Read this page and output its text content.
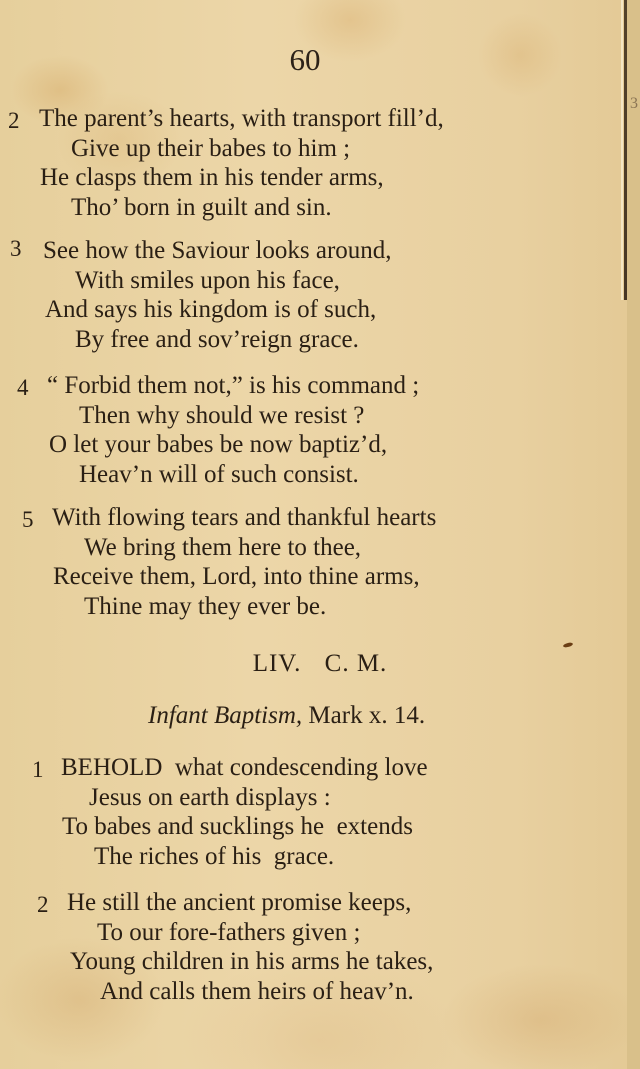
3
60
2 The parent’s hearts, with transport fill’d,
Give up their babes to him ;
He clasps them in his tender arms,
Tho’ born in guilt and sin.
3 See how the Saviour looks around,
With smiles upon his face,
And says his kingdom is of such,
By free and sov’reign grace.
4 “ Forbid them not,” is his command ;
Then why should we resist ?
O let your babes be now baptiz’d,
Heav’n will of such consist.
5 With flowing tears and thankful hearts
We bring them here to thee,
Receive them, Lord, into thine arms,
Thine may they ever be.
LIV. C. M.
Infant Baptism, Mark x. 14.
1 BEHOLD  what condescending love
Jesus on earth displays :
To babes and sucklings he  extends
The riches of his  grace.
2 He still the ancient promise keeps,
To our fore-fathers given ;
Young children in his arms he takes,
And calls them heirs of heav’n.
